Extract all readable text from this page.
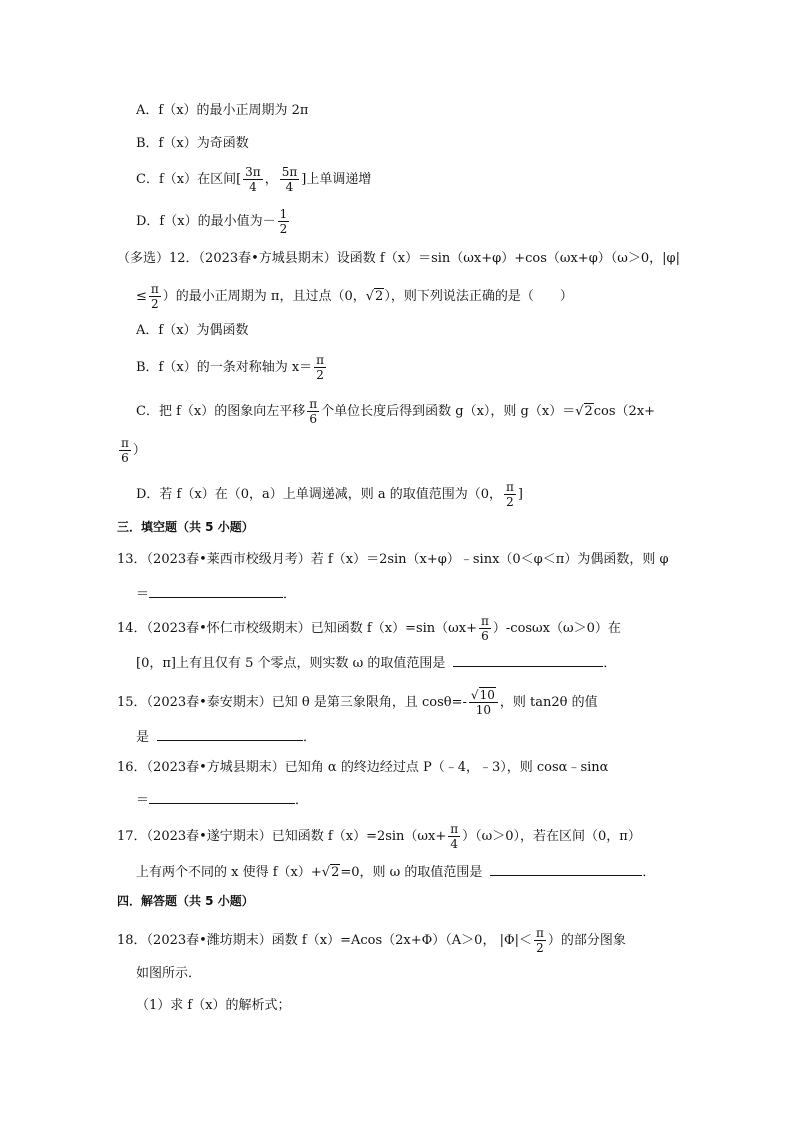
A．f（x）的最小正周期为 2π
B．f（x）为奇函数
C．f（x）在区间[ $\frac{3\pi}{4}$ ， $\frac{5\pi}{4}$ ]上单调递增
D．f（x）的最小值为－ $\frac{1}{2}$
（多选）12．（2023春•方城县期末）设函数 f（x）＝sin（ωx+φ）+cos（ωx+φ）（ω＞0，|φ|
≤ $\frac{\pi}{2}$ ）的最小正周期为 π，且过点（0，√2），则下列说法正确的是（　　）
A．f（x）为偶函数
B．f（x）的一条对称轴为 $x= \frac{\pi}{2}$
C．把 f（x）的图象向左平移 $\frac{\pi}{6}$ 个单位长度后得到函数 g（x），则 g（x）＝√2cos（2x+
$\frac{\pi}{6}$ ）
D．若 f（x）在（0，a）上单调递减，则 a 的取值范围为（0， $\frac{\pi}{2}$ ]
三．填空题（共 5 小题）
13．（2023春•莱西市校级月考）若 f（x）＝2sin（x+φ）﹣sinx（0＜φ＜π）为偶函数，则 φ
＝	．
14．（2023春•怀仁市校级期末）已知函数 $f(x)=\sin(\omega x+ \frac{\pi}{6} )-\cos\omega x(\omega>0)$在
[0，π]上有且仅有 5 个零点，则实数 ω 的取值范围是	．
15．（2023春•泰安期末）已知 θ 是第三象限角，且 $\cos\theta=- \frac{√10}{10}$ ，则 tan2θ 的值
是	．
16．（2023春•方城县期末）已知角 α 的终边经过点 P（﹣4，﹣3），则 cosα﹣sinα
＝	．
17．（2023春•遂宁期末）已知函数 $f(x)=2\sin(\omega x+ \frac{\pi}{4} )(\omega>0)$，若在区间（0，π）
上有两个不同的 x 使得 f（x）+√2=0，则 ω 的取值范围是	．
四．解答题（共 5 小题）
18．（2023春•潍坊期末）函数 f（x）=Acos（2x+Φ）（A＞0， $|\Phi|< \frac{\pi}{2}$ ）的部分图象
如图所示．
（1）求 f（x）的解析式；
